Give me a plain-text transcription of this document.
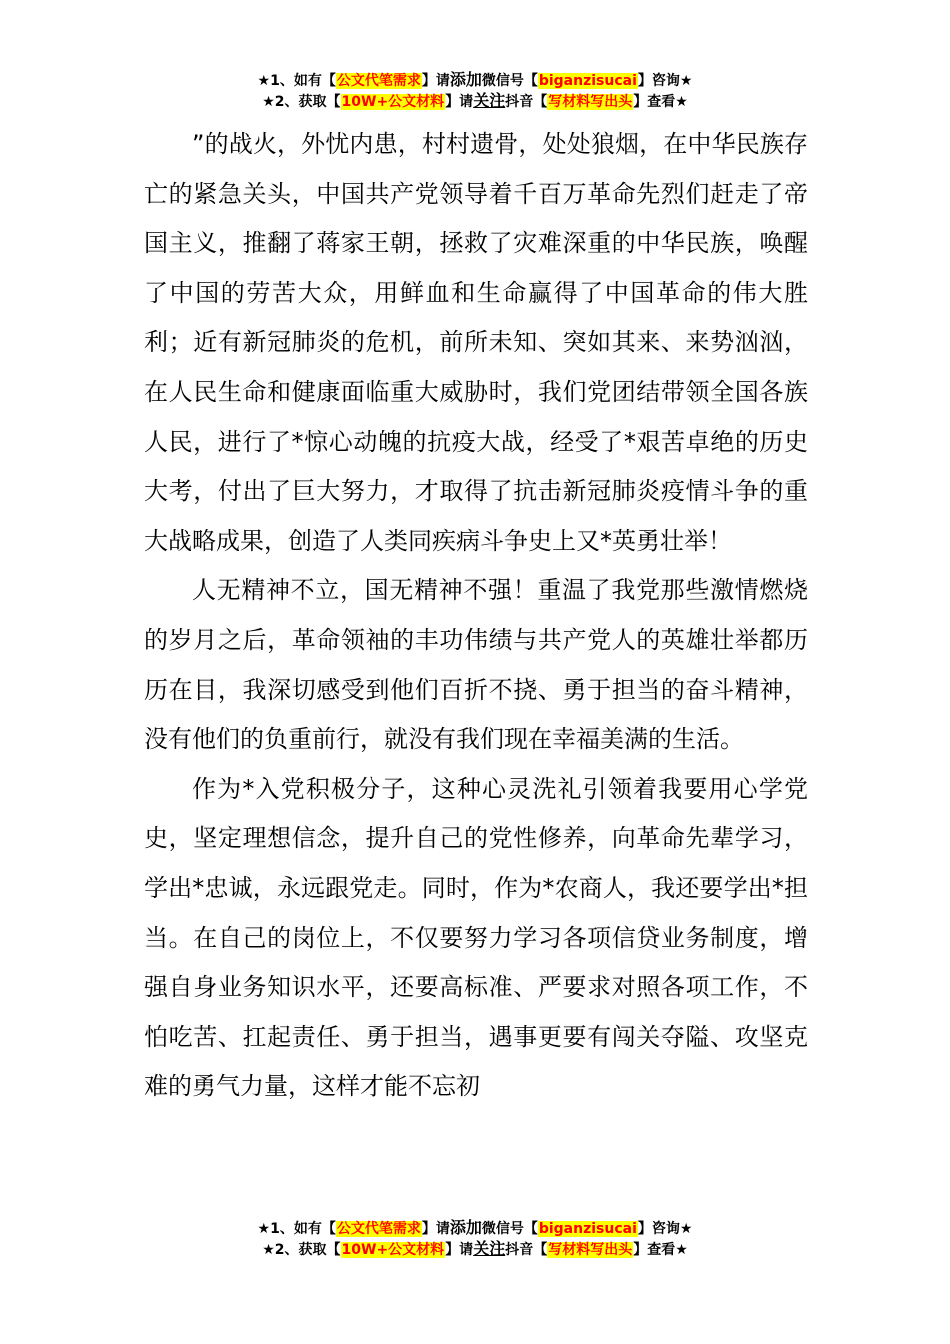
★1、如有【公文代笔需求】请添加微信号【biganzisucai】咨询★
★2、获取【10W+公文材料】请关注抖音【写材料写出头】查看★

”的战火，外忧内患，村村遗骨，处处狼烟，在中华民族存亡的紧急关头，中国共产党领导着千百万革命先烈们赶走了帝国主义，推翻了蒋家王朝，拯救了灾难深重的中华民族，唤醒了中国的劳苦大众，用鲜血和生命赢得了中国革命的伟大胜利；近有新冠肺炎的危机，前所未知、突如其来、来势汹汹，在人民生命和健康面临重大威胁时，我们党团结带领全国各族人民，进行了*惊心动魄的抗疫大战，经受了*艰苦卓绝的历史大考，付出了巨大努力，才取得了抗击新冠肺炎疫情斗争的重大战略成果，创造了人类同疾病斗争史上又*英勇壮举！

人无精神不立，国无精神不强！重温了我党那些激情燃烧的岁月之后，革命领袖的丰功伟绩与共产党人的英雄壮举都历历在目，我深切感受到他们百折不挠、勇于担当的奋斗精神，没有他们的负重前行，就没有我们现在幸福美满的生活。

作为*入党积极分子，这种心灵洗礼引领着我要用心学党史，坚定理想信念，提升自己的党性修养，向革命先辈学习，学出*忠诚，永远跟党走。同时，作为*农商人，我还要学出*担当。在自己的岗位上，不仅要努力学习各项信贷业务制度，增强自身业务知识水平，还要高标准、严要求对照各项工作，不怕吃苦、扛起责任、勇于担当，遇事更要有闯关夺隘、攻坚克难的勇气力量，这样才能不忘初

★1、如有【公文代笔需求】请添加微信号【biganzisucai】咨询★
★2、获取【10W+公文材料】请关注抖音【写材料写出头】查看★
